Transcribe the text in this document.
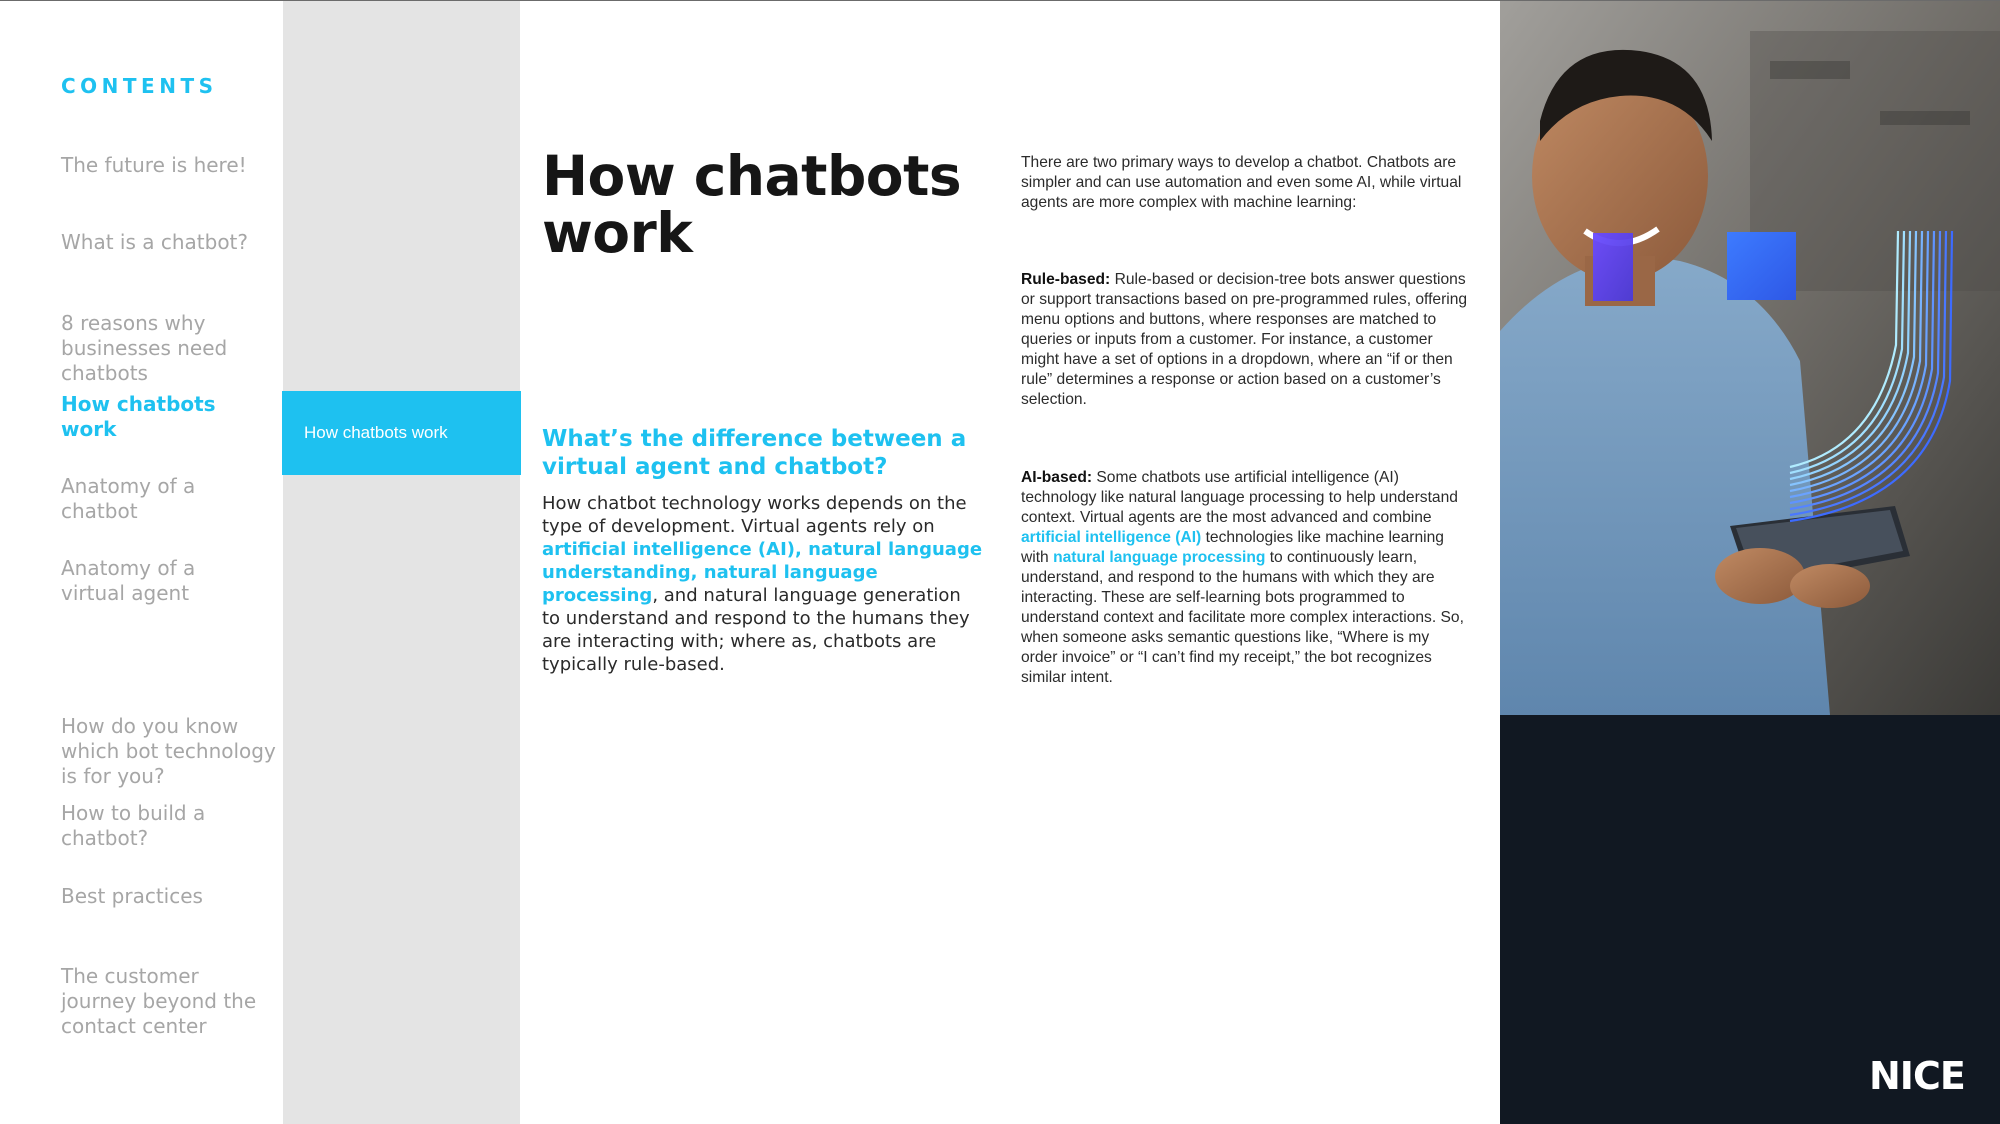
CONTENTS
The future is here!
What is a chatbot?
8 reasons why businesses need chatbots
How chatbots work
Anatomy of a chatbot
Anatomy of a virtual agent
How do you know which bot technology is for you?
How to build a chatbot?
Best practices
The customer journey beyond the contact center
How chatbots work
How chatbots work
What’s the difference between a virtual agent and chatbot?

How chatbot technology works depends on the type of development. Virtual agents rely on artificial intelligence (AI), natural language understanding, natural language processing, and natural language generation to understand and respond to the humans they are interacting with; where as, chatbots are typically rule-based.

There are two primary ways to develop a chatbot. Chatbots are simpler and can use automation and even some AI, while virtual agents are more complex with machine learning:

Rule-based: Rule-based or decision-tree bots answer questions or support transactions based on pre-programmed rules, offering menu options and buttons, where responses are matched to queries or inputs from a customer. For instance, a customer might have a set of options in a dropdown, where an “if or then rule” determines a response or action based on a customer’s selection.

AI-based: Some chatbots use artificial intelligence (AI) technology like natural language processing to help understand context. Virtual agents are the most advanced and combine artificial intelligence (AI) technologies like machine learning with natural language processing to continuously learn, understand, and respond to the humans with which they are interacting. These are self-learning bots programmed to understand context and facilitate more complex interactions. So, when someone asks semantic questions like, “Where is my order invoice” or “I can’t find my receipt,” the bot recognizes similar intent.

NICE
